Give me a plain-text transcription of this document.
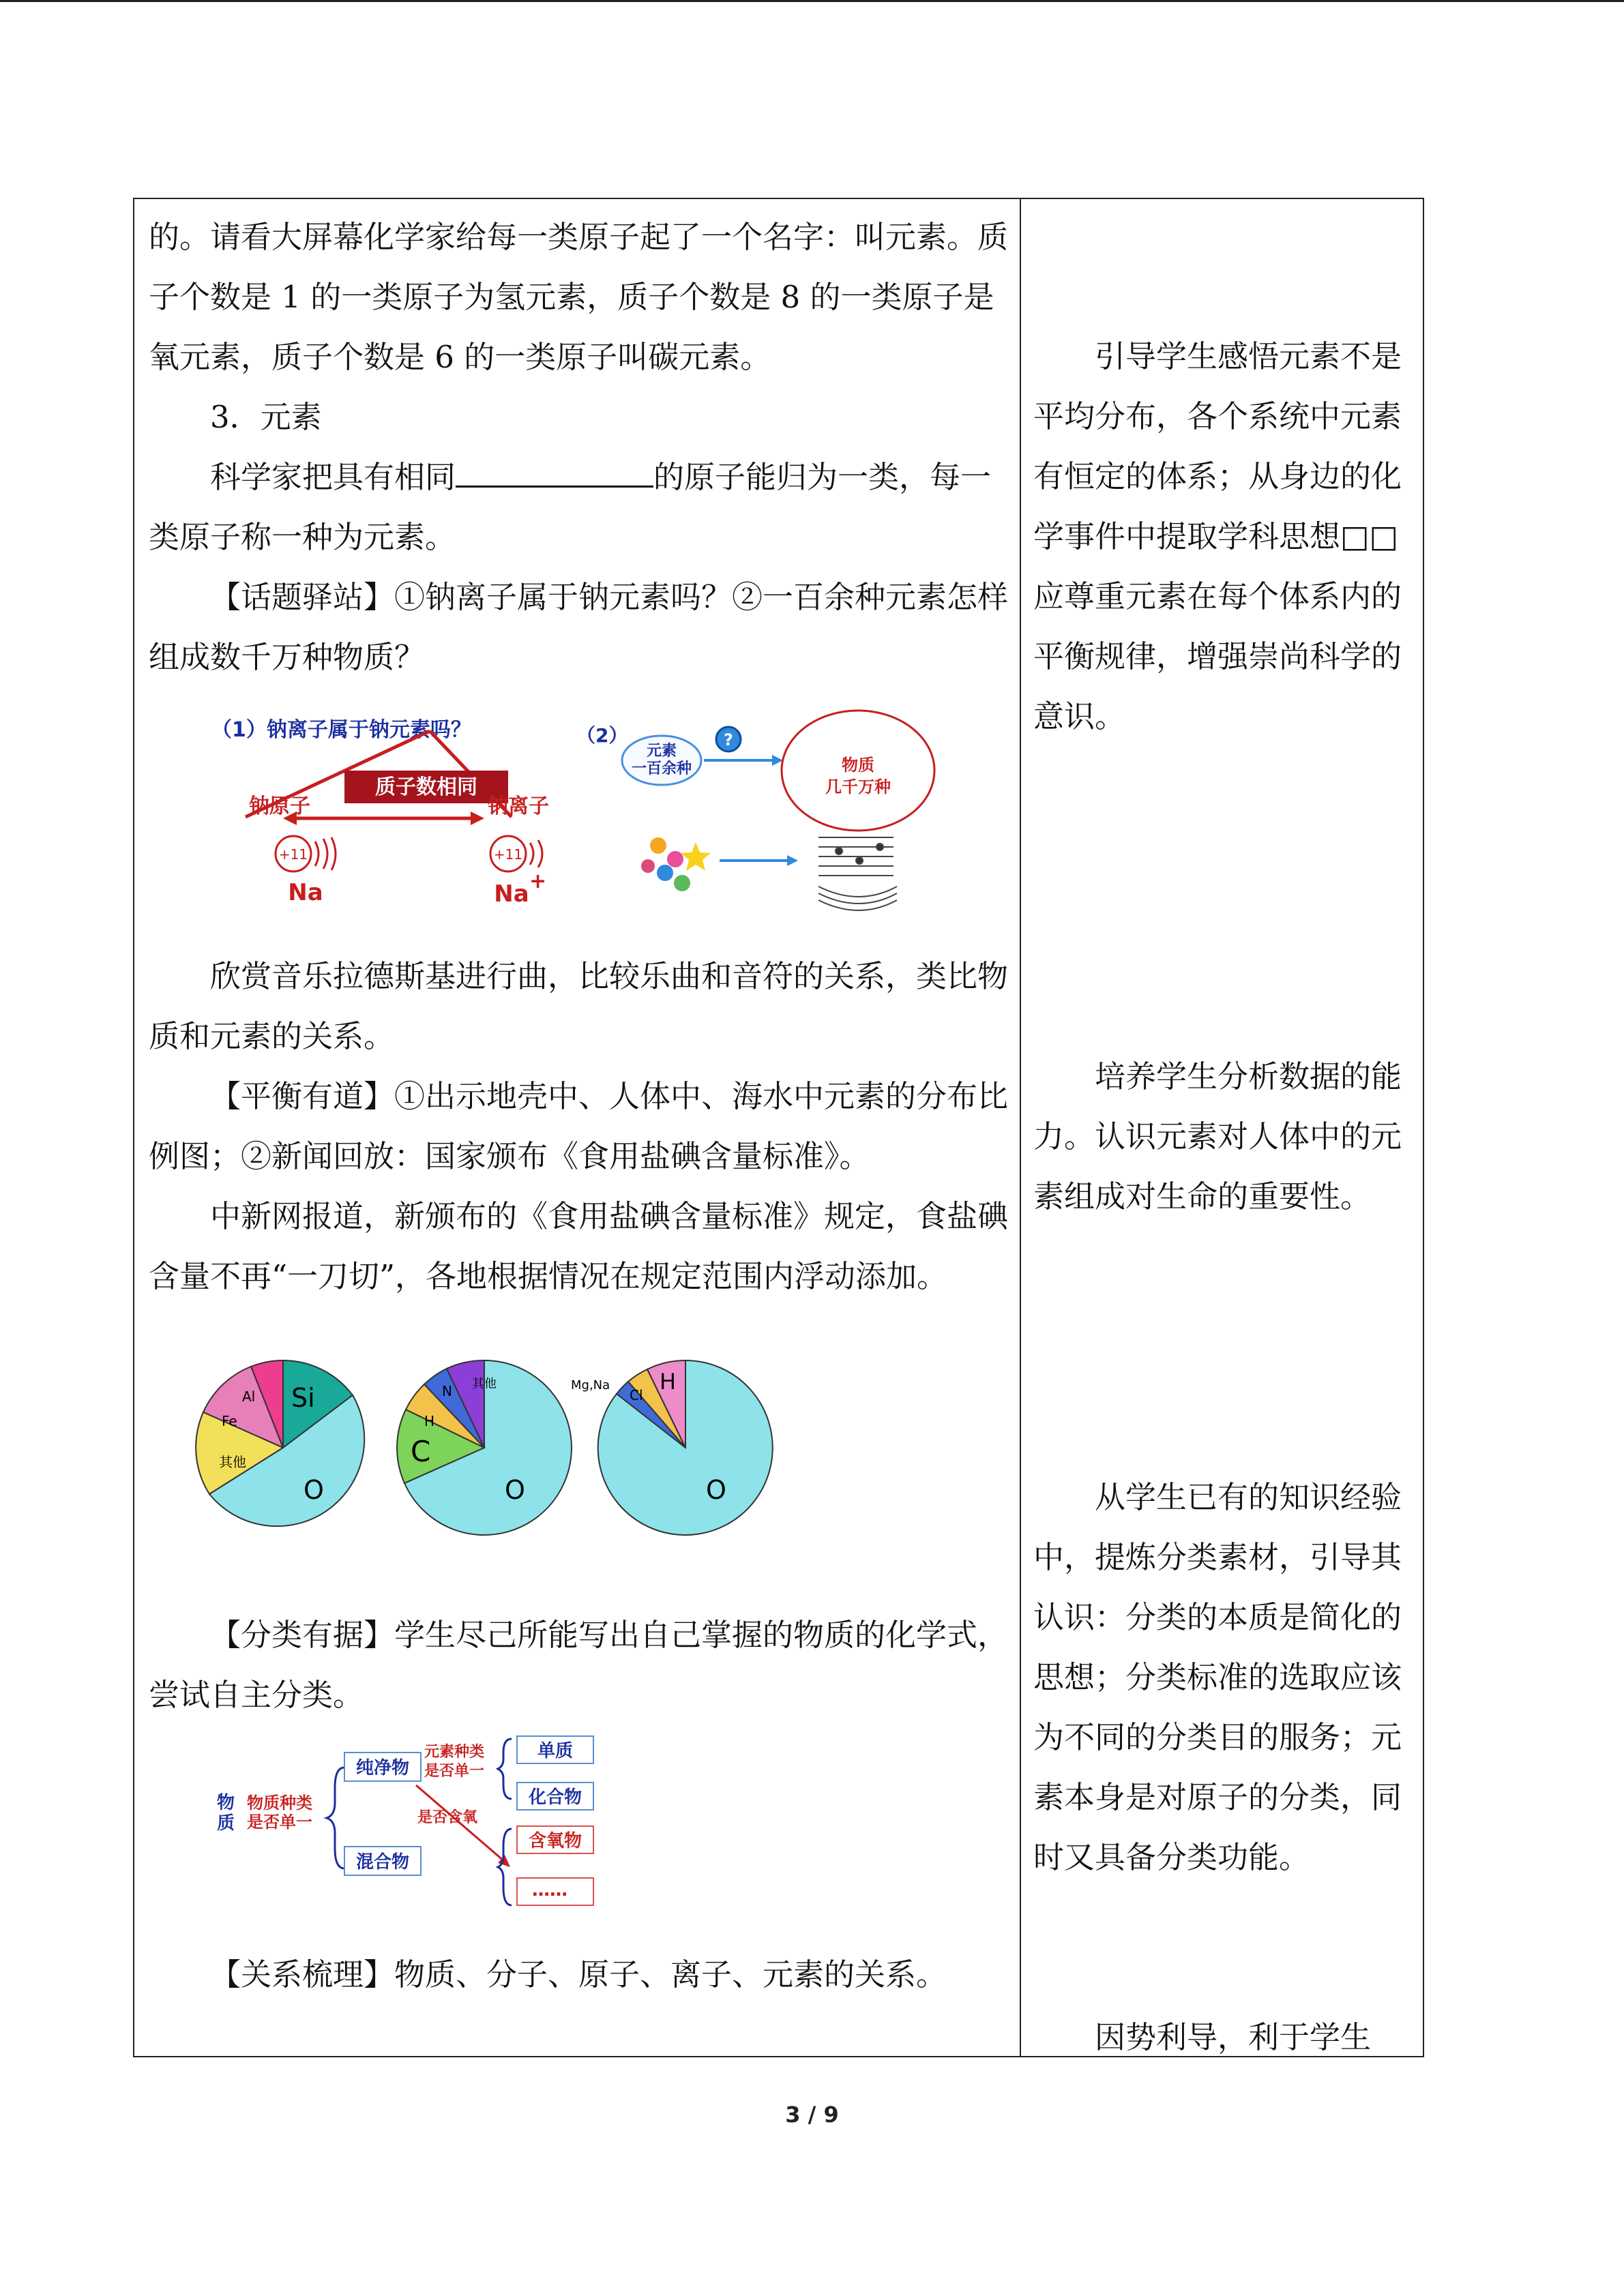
的。请看大屏幕化学家给每一类原子起了一个名字：叫元素。质子个数是 1 的一类原子为氢元素，质子个数是 8 的一类原子是氧元素，质子个数是 6 的一类原子叫碳元素。

3．元素

科学家把具有相同	的原子能归为一类，每一类原子称一种为元素。

【话题驿站】①钠离子属于钠元素吗？②一百余种元素怎样组成数千万种物质？

（1）钠离子属于钠元素吗？
质子数相同
钠原子	钠离子
+11
Na
+11
Na +
（2）
元素
一百余种
?
物质
几千万种

欣赏音乐拉德斯基进行曲，比较乐曲和音符的关系，类比物质和元素的关系。

【平衡有道】①出示地壳中、人体中、海水中元素的分布比例图；②新闻回放：国家颁布《食用盐碘含量标准》。

中新网报道，新颁布的《食用盐碘含量标准》规定，食盐碘含量不再“一刀切”，各地根据情况在规定范围内浮动添加。

Si
Al
Fe
其他
O
其他
N
H
C
O
Mg,Na
Cl
H
O

【分类有据】学生尽己所能写出自己掌握的物质的化学式，尝试自主分类。

物
质
物质种类
是否单一
纯净物
混合物
元素种类
是否单一
单质
化合物
是否含氧
含氧物
……

【关系梳理】物质、分子、原子、离子、元素的关系。

引导学生感悟元素不是平均分布，各个系统中元素有恒定的体系；从身边的化学事件中提取学科思想□□应尊重元素在每个体系内的平衡规律，增强崇尚科学的意识。

培养学生分析数据的能力。认识元素对人体中的元素组成对生命的重要性。

从学生已有的知识经验中，提炼分类素材，引导其认识：分类的本质是简化的思想；分类标准的选取应该为不同的分类目的服务；元素本身是对原子的分类，同时又具备分类功能。

因势利导，利于学生

3 / 9
